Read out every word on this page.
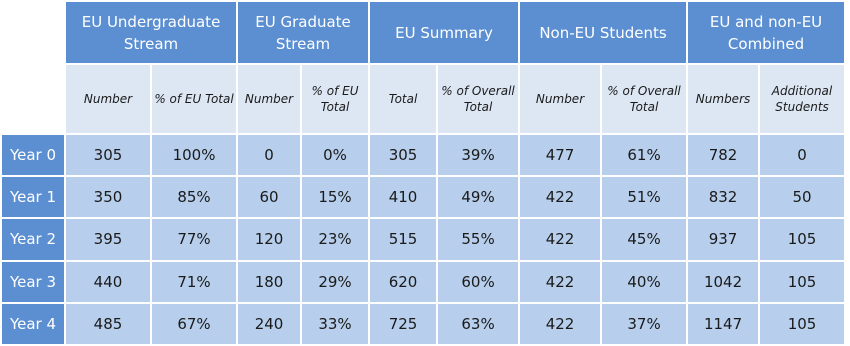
	EU Undergraduate
Stream		EU Graduate
Stream		EU Summary		Non-EU Students		EU and non-EU
Combined	
	Number	% of EU Total	Number	% of EU Total	Total	% of Overall Total	Number	% of Overall Total	Numbers	Additional Students
Year 0	305	100%	0	0%	305	39%	477	61%	782	0
Year 1	350	85%	60	15%	410	49%	422	51%	832	50
Year 2	395	77%	120	23%	515	55%	422	45%	937	105
Year 3	440	71%	180	29%	620	60%	422	40%	1042	105
Year 4	485	67%	240	33%	725	63%	422	37%	1147	105
